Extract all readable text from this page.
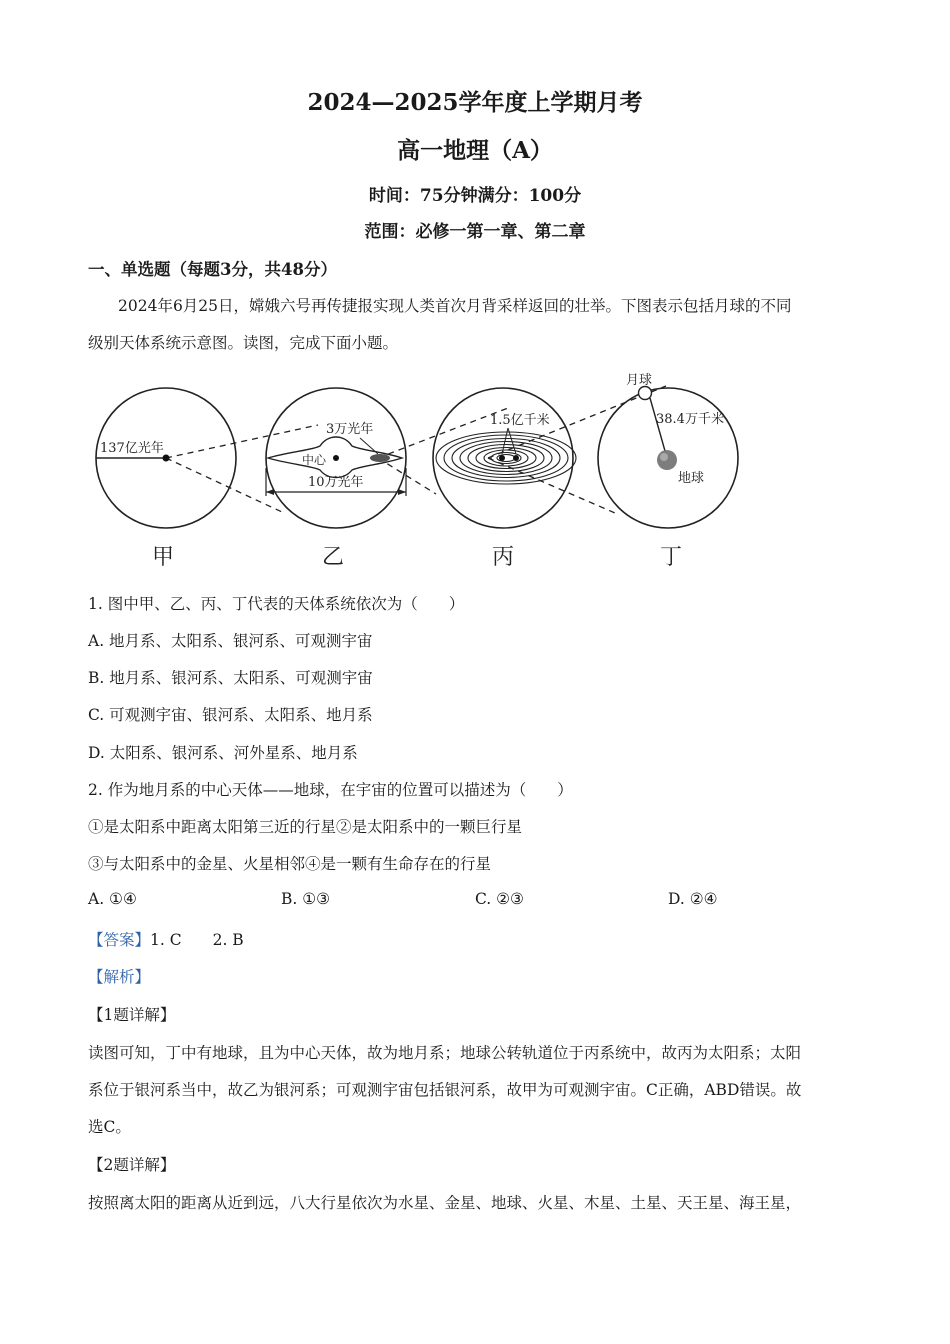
2024—2025学年度上学期月考
高一地理（A）
时间：75分钟满分：100分
范围：必修一第一章、第二章
一、单选题（每题3分，共48分）
2024年6月25日，嫦娥六号再传捷报实现人类首次月背采样返回的壮举。下图表示包括月球的不同
级别天体系统示意图。读图，完成下面小题。
137亿光年
3万光年
中心
10万光年
1.5亿千米
月球
38.4万千米
地球
甲	乙	丙	丁
1. 图中甲、乙、丙、丁代表的天体系统依次为（　　）
A. 地月系、太阳系、银河系、可观测宇宙
B. 地月系、银河系、太阳系、可观测宇宙
C. 可观测宇宙、银河系、太阳系、地月系
D. 太阳系、银河系、河外星系、地月系
2. 作为地月系的中心天体——地球，在宇宙的位置可以描述为（　　）
①是太阳系中距离太阳第三近的行星②是太阳系中的一颗巨行星
③与太阳系中的金星、火星相邻④是一颗有生命存在的行星
A. ①④	B. ①③	C. ②③	D. ②④
【答案】1. C　　2. B
【解析】
【1题详解】
读图可知，丁中有地球，且为中心天体，故为地月系；地球公转轨道位于丙系统中，故丙为太阳系；太阳
系位于银河系当中，故乙为银河系；可观测宇宙包括银河系，故甲为可观测宇宙。C正确，ABD错误。故
选C。
【2题详解】
按照离太阳的距离从近到远，八大行星依次为水星、金星、地球、火星、木星、土星、天王星、海王星，
